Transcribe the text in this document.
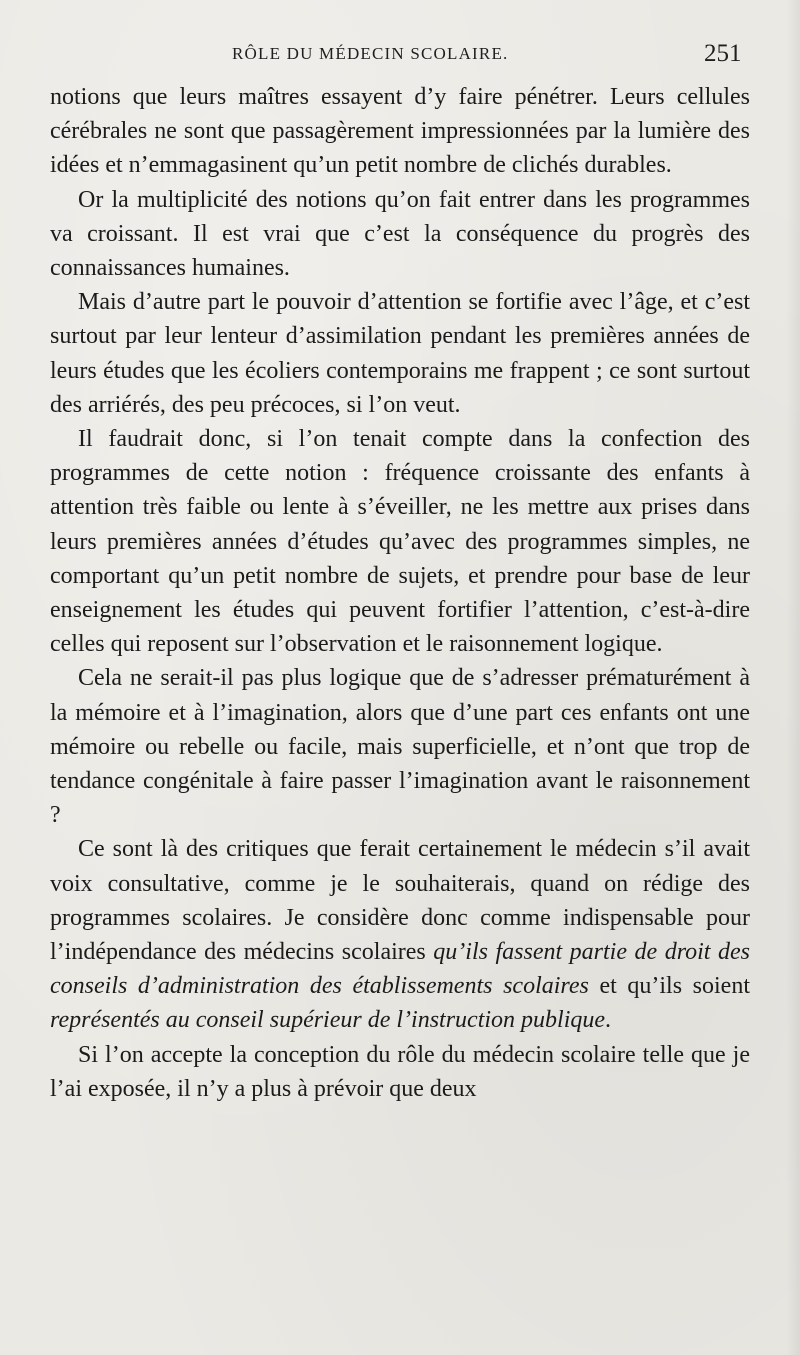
RÔLE DU MÉDECIN SCOLAIRE.	251

notions que leurs maîtres essayent d’y faire pénétrer. Leurs cellules cérébrales ne sont que passagèrement impressionnées par la lumière des idées et n’emmagasinent qu’un petit nombre de clichés durables.

Or la multiplicité des notions qu’on fait entrer dans les programmes va croissant. Il est vrai que c’est la conséquence du progrès des connaissances humaines.

Mais d’autre part le pouvoir d’attention se fortifie avec l’âge, et c’est surtout par leur lenteur d’assimilation pendant les premières années de leurs études que les écoliers contemporains me frappent ; ce sont surtout des arriérés, des peu précoces, si l’on veut.

Il faudrait donc, si l’on tenait compte dans la confection des programmes de cette notion : fréquence croissante des enfants à attention très faible ou lente à s’éveiller, ne les mettre aux prises dans leurs premières années d’études qu’avec des programmes simples, ne comportant qu’un petit nombre de sujets, et prendre pour base de leur enseignement les études qui peuvent fortifier l’attention, c’est-à-dire celles qui reposent sur l’observation et le raisonnement logique.

Cela ne serait-il pas plus logique que de s’adresser prématurément à la mémoire et à l’imagination, alors que d’une part ces enfants ont une mémoire ou rebelle ou facile, mais superficielle, et n’ont que trop de tendance congénitale à faire passer l’imagination avant le raisonnement ?

Ce sont là des critiques que ferait certainement le médecin s’il avait voix consultative, comme je le souhaiterais, quand on rédige des programmes scolaires. Je considère donc comme indispensable pour l’indépendance des médecins scolaires qu’ils fassent partie de droit des conseils d’administration des établissements scolaires et qu’ils soient représentés au conseil supérieur de l’instruction publique.

Si l’on accepte la conception du rôle du médecin scolaire telle que je l’ai exposée, il n’y a plus à prévoir que deux
